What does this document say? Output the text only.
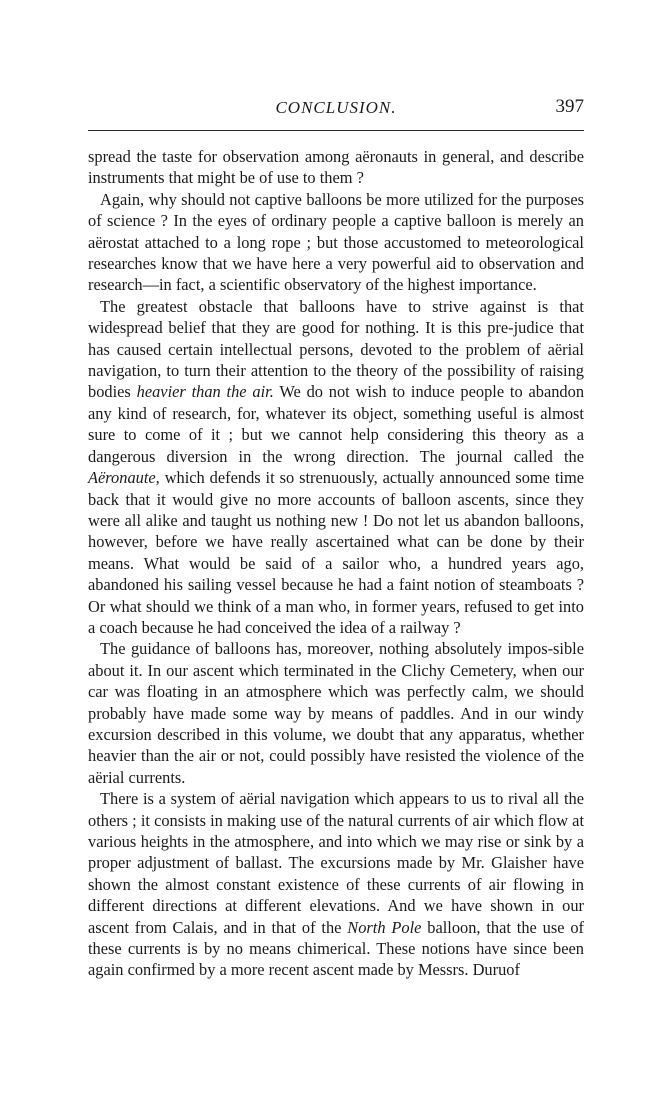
CONCLUSION.	397

spread the taste for observation among aëronauts in general, and describe instruments that might be of use to them ?

Again, why should not captive balloons be more utilized for the purposes of science ? In the eyes of ordinary people a captive balloon is merely an aërostat attached to a long rope ; but those accustomed to meteorological researches know that we have here a very powerful aid to observation and research—in fact, a scientific observatory of the highest importance.

The greatest obstacle that balloons have to strive against is that widespread belief that they are good for nothing. It is this pre-judice that has caused certain intellectual persons, devoted to the problem of aërial navigation, to turn their attention to the theory of the possibility of raising bodies heavier than the air. We do not wish to induce people to abandon any kind of research, for, whatever its object, something useful is almost sure to come of it ; but we cannot help considering this theory as a dangerous diversion in the wrong direction. The journal called the Aëronaute, which defends it so strenuously, actually announced some time back that it would give no more accounts of balloon ascents, since they were all alike and taught us nothing new ! Do not let us abandon balloons, however, before we have really ascertained what can be done by their means. What would be said of a sailor who, a hundred years ago, abandoned his sailing vessel because he had a faint notion of steamboats ? Or what should we think of a man who, in former years, refused to get into a coach because he had conceived the idea of a railway ?

The guidance of balloons has, moreover, nothing absolutely impos-sible about it. In our ascent which terminated in the Clichy Cemetery, when our car was floating in an atmosphere which was perfectly calm, we should probably have made some way by means of paddles. And in our windy excursion described in this volume, we doubt that any apparatus, whether heavier than the air or not, could possibly have resisted the violence of the aërial currents.

There is a system of aërial navigation which appears to us to rival all the others ; it consists in making use of the natural currents of air which flow at various heights in the atmosphere, and into which we may rise or sink by a proper adjustment of ballast. The excursions made by Mr. Glaisher have shown the almost constant existence of these currents of air flowing in different directions at different elevations. And we have shown in our ascent from Calais, and in that of the North Pole balloon, that the use of these currents is by no means chimerical. These notions have since been again confirmed by a more recent ascent made by Messrs. Duruof
